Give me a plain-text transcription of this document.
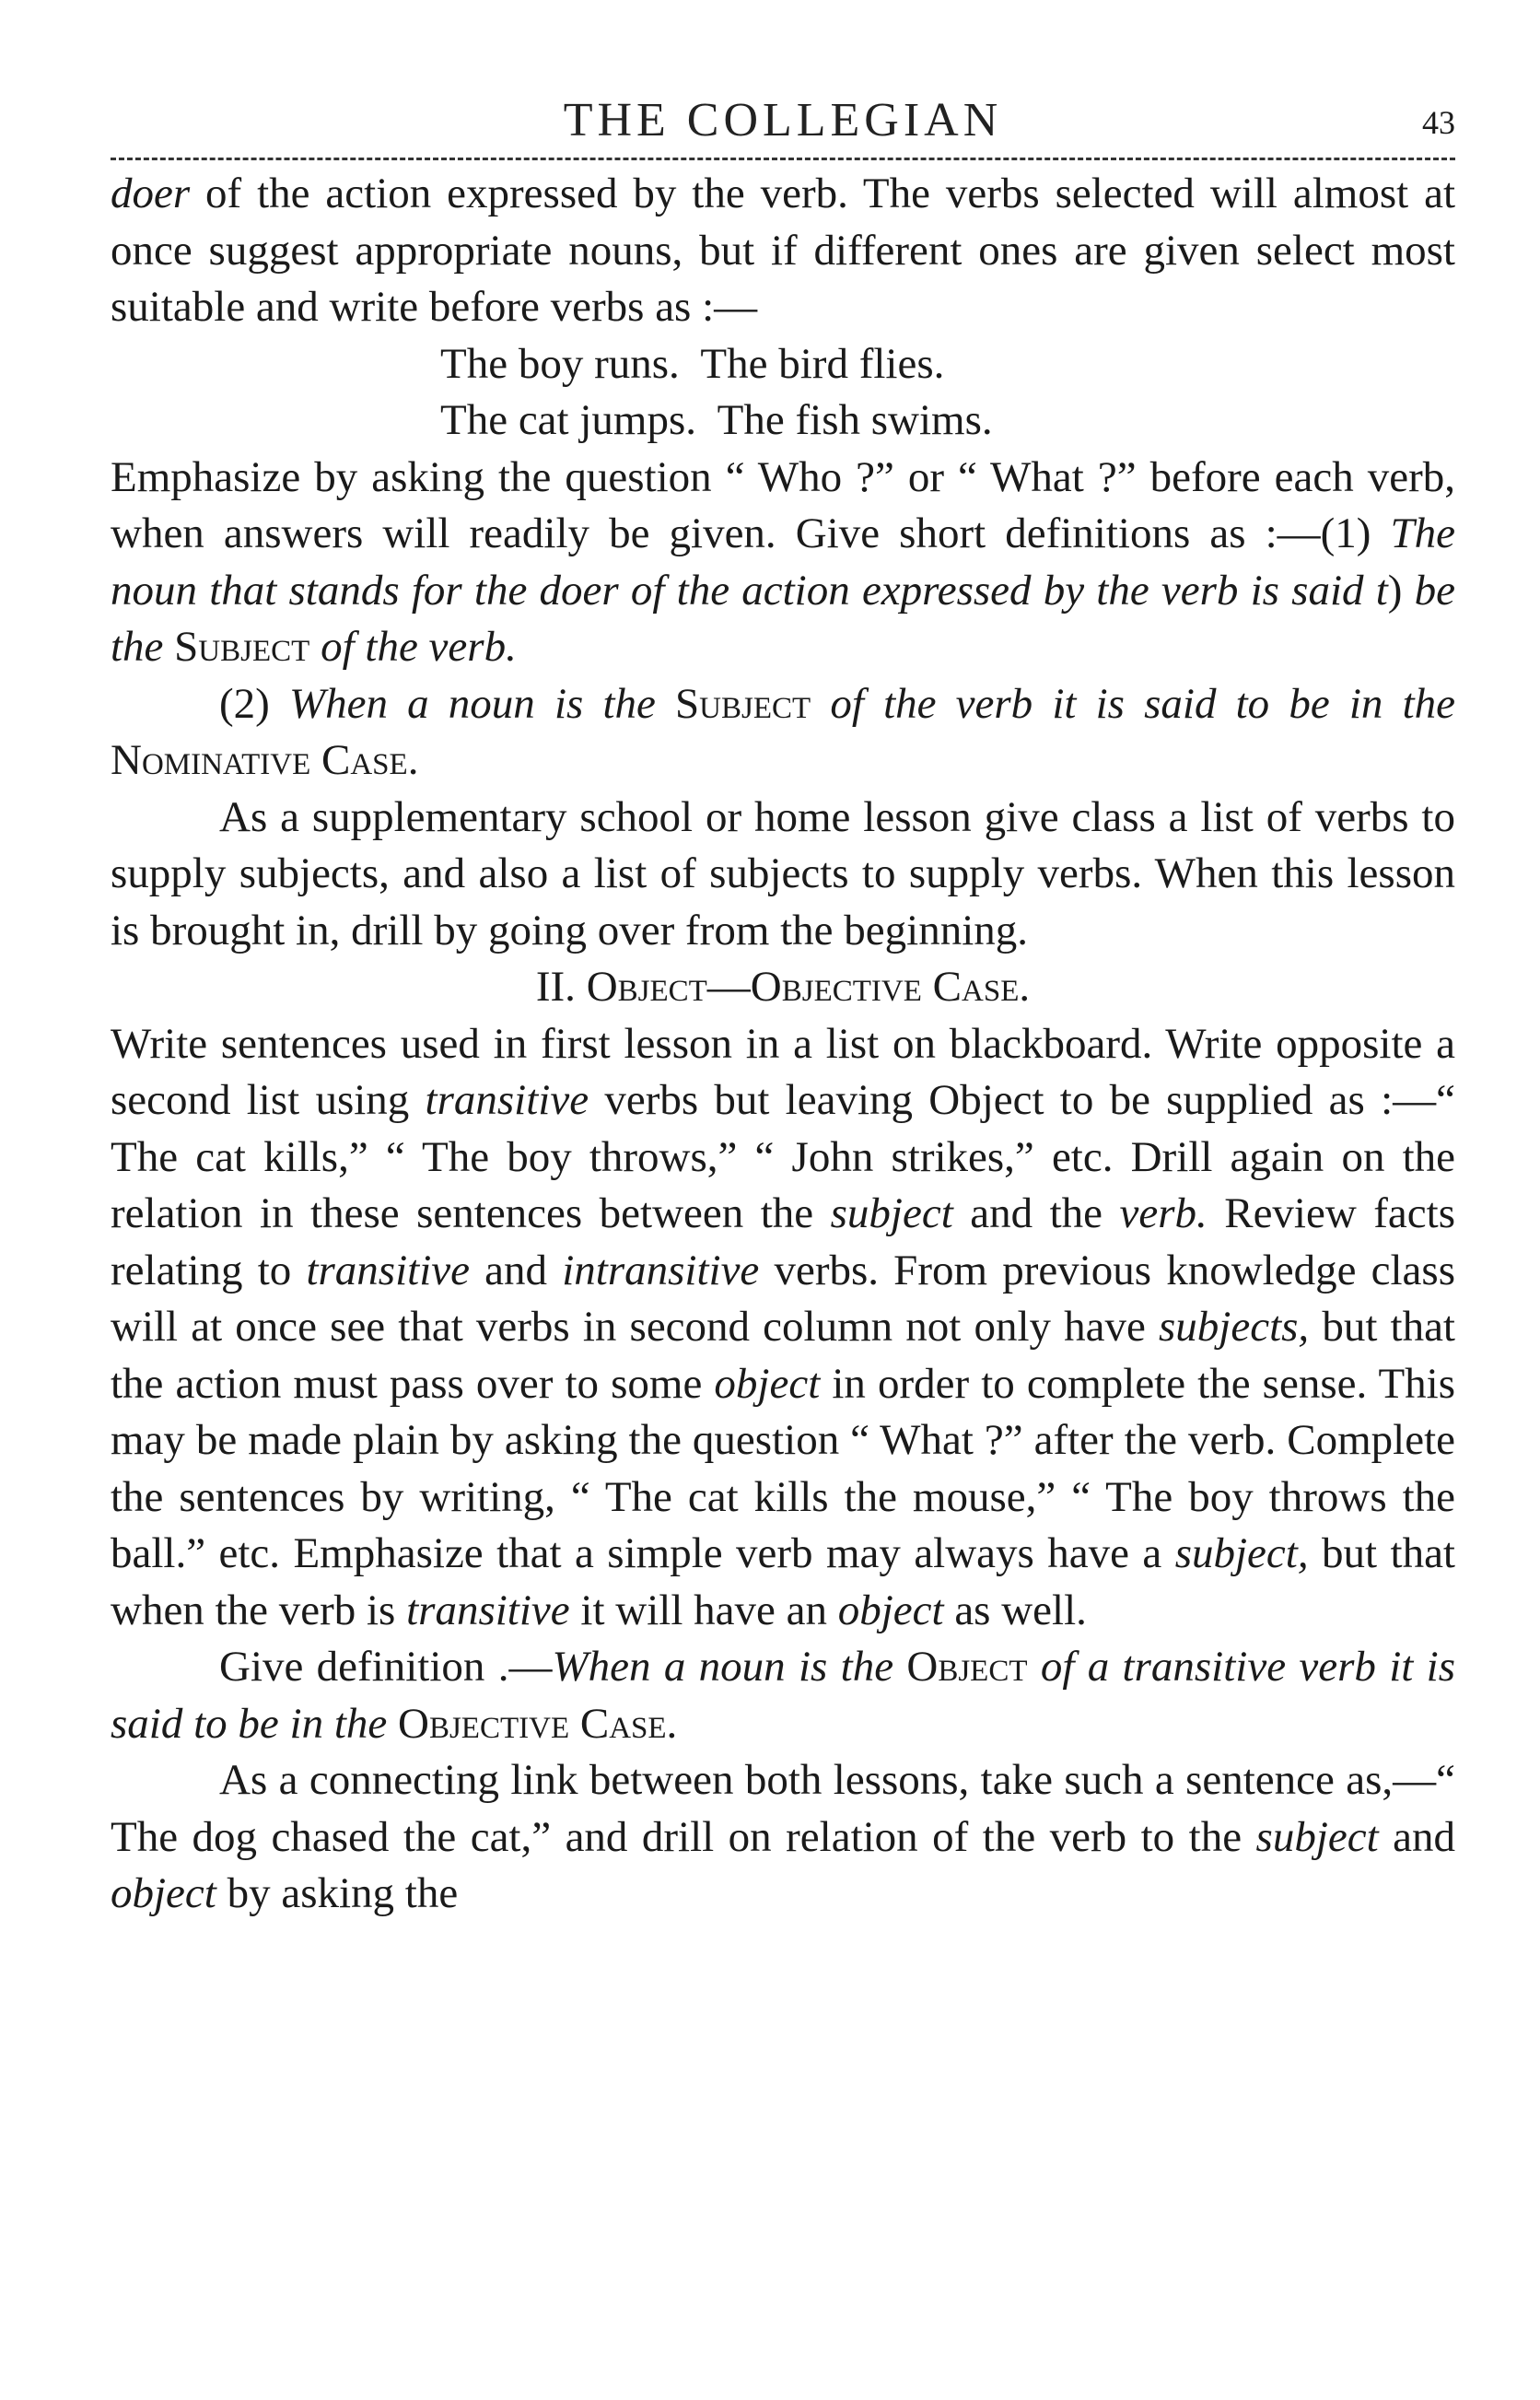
THE COLLEGIAN	43

doer of the action expressed by the verb. The verbs selected will almost at once suggest appropriate nouns, but if different ones are given select most suitable and write before verbs as :—

The boy runs.  The bird flies.

The cat jumps.  The fish swims.

Emphasize by asking the question “ Who ?” or “ What ?” before each verb, when answers will readily be given. Give short definitions as :—(1) The noun that stands for the doer of the action expressed by the verb is said t) be the Subject of the verb.

(2) When a noun is the Subject of the verb it is said to be in the Nominative Case.

As a supplementary school or home lesson give class a list of verbs to supply subjects, and also a list of subjects to supply verbs. When this lesson is brought in, drill by going over from the beginning.

II. Object—Objective Case.

Write sentences used in first lesson in a list on blackboard. Write opposite a second list using transitive verbs but leaving Object to be supplied as :—“ The cat kills,” “ The boy throws,” “ John strikes,” etc. Drill again on the relation in these sentences between the subject and the verb. Review facts relating to transitive and intransitive verbs. From previous knowledge class will at once see that verbs in second column not only have subjects, but that the action must pass over to some object in order to complete the sense. This may be made plain by asking the question “ What ?” after the verb. Complete the sentences by writing, “ The cat kills the mouse,” “ The boy throws the ball.” etc. Emphasize that a simple verb may always have a subject, but that when the verb is transitive it will have an object as well.

Give definition .—When a noun is the Object of a transitive verb it is said to be in the Objective Case.

As a connecting link between both lessons, take such a sentence as,—“ The dog chased the cat,” and drill on relation of the verb to the subject and object by asking the
